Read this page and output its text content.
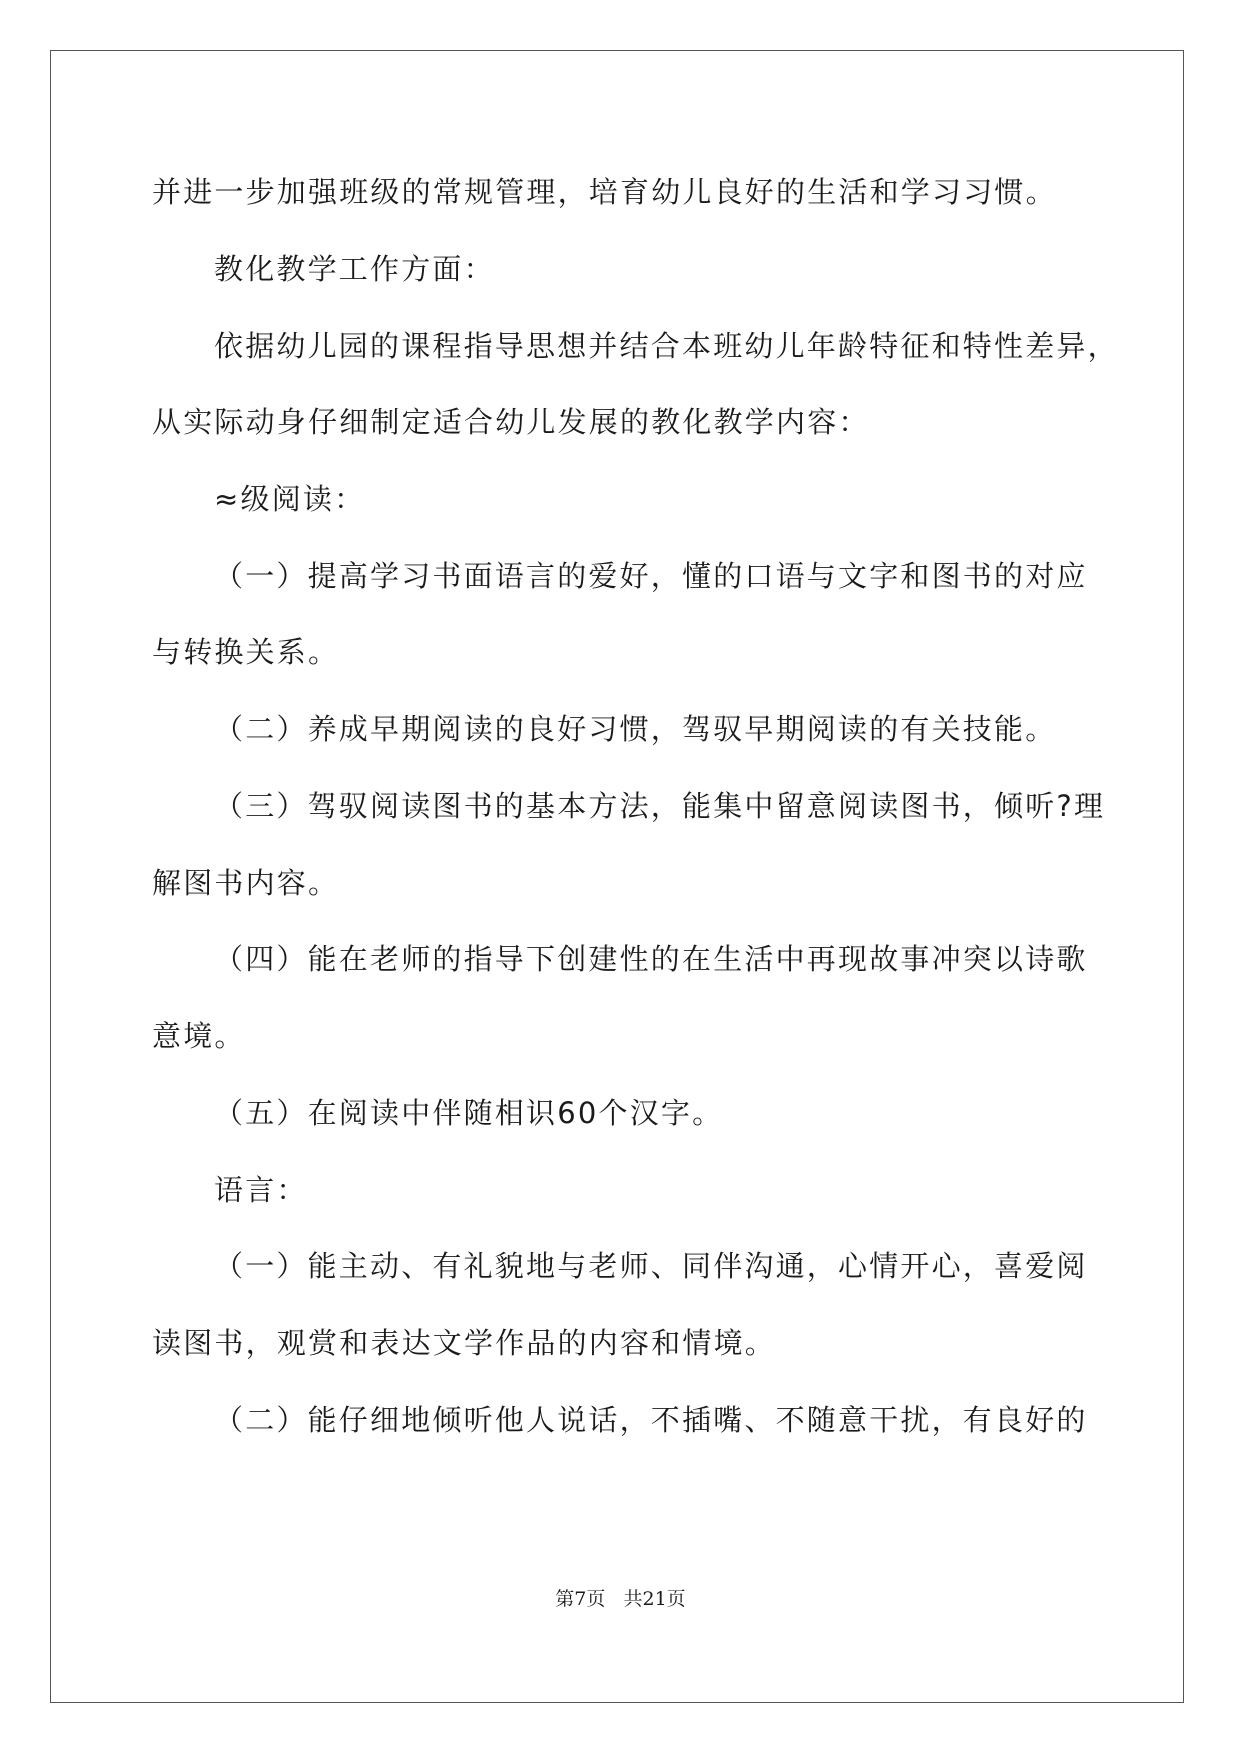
并进一步加强班级的常规管理，培育幼儿良好的生活和学习习惯。
教化教学工作方面：
依据幼儿园的课程指导思想并结合本班幼儿年龄特征和特性差异，
从实际动身仔细制定适合幼儿发展的教化教学内容：
≈级阅读：
（一）提高学习书面语言的爱好，懂的口语与文字和图书的对应
与转换关系。
（二）养成早期阅读的良好习惯，驾驭早期阅读的有关技能。
（三）驾驭阅读图书的基本方法，能集中留意阅读图书，倾听?理
解图书内容。
（四）能在老师的指导下创建性的在生活中再现故事冲突以诗歌
意境。
（五）在阅读中伴随相识60个汉字。
语言：
（一）能主动、有礼貌地与老师、同伴沟通，心情开心，喜爱阅
读图书，观赏和表达文学作品的内容和情境。
（二）能仔细地倾听他人说话，不插嘴、不随意干扰，有良好的
第7页   共21页
